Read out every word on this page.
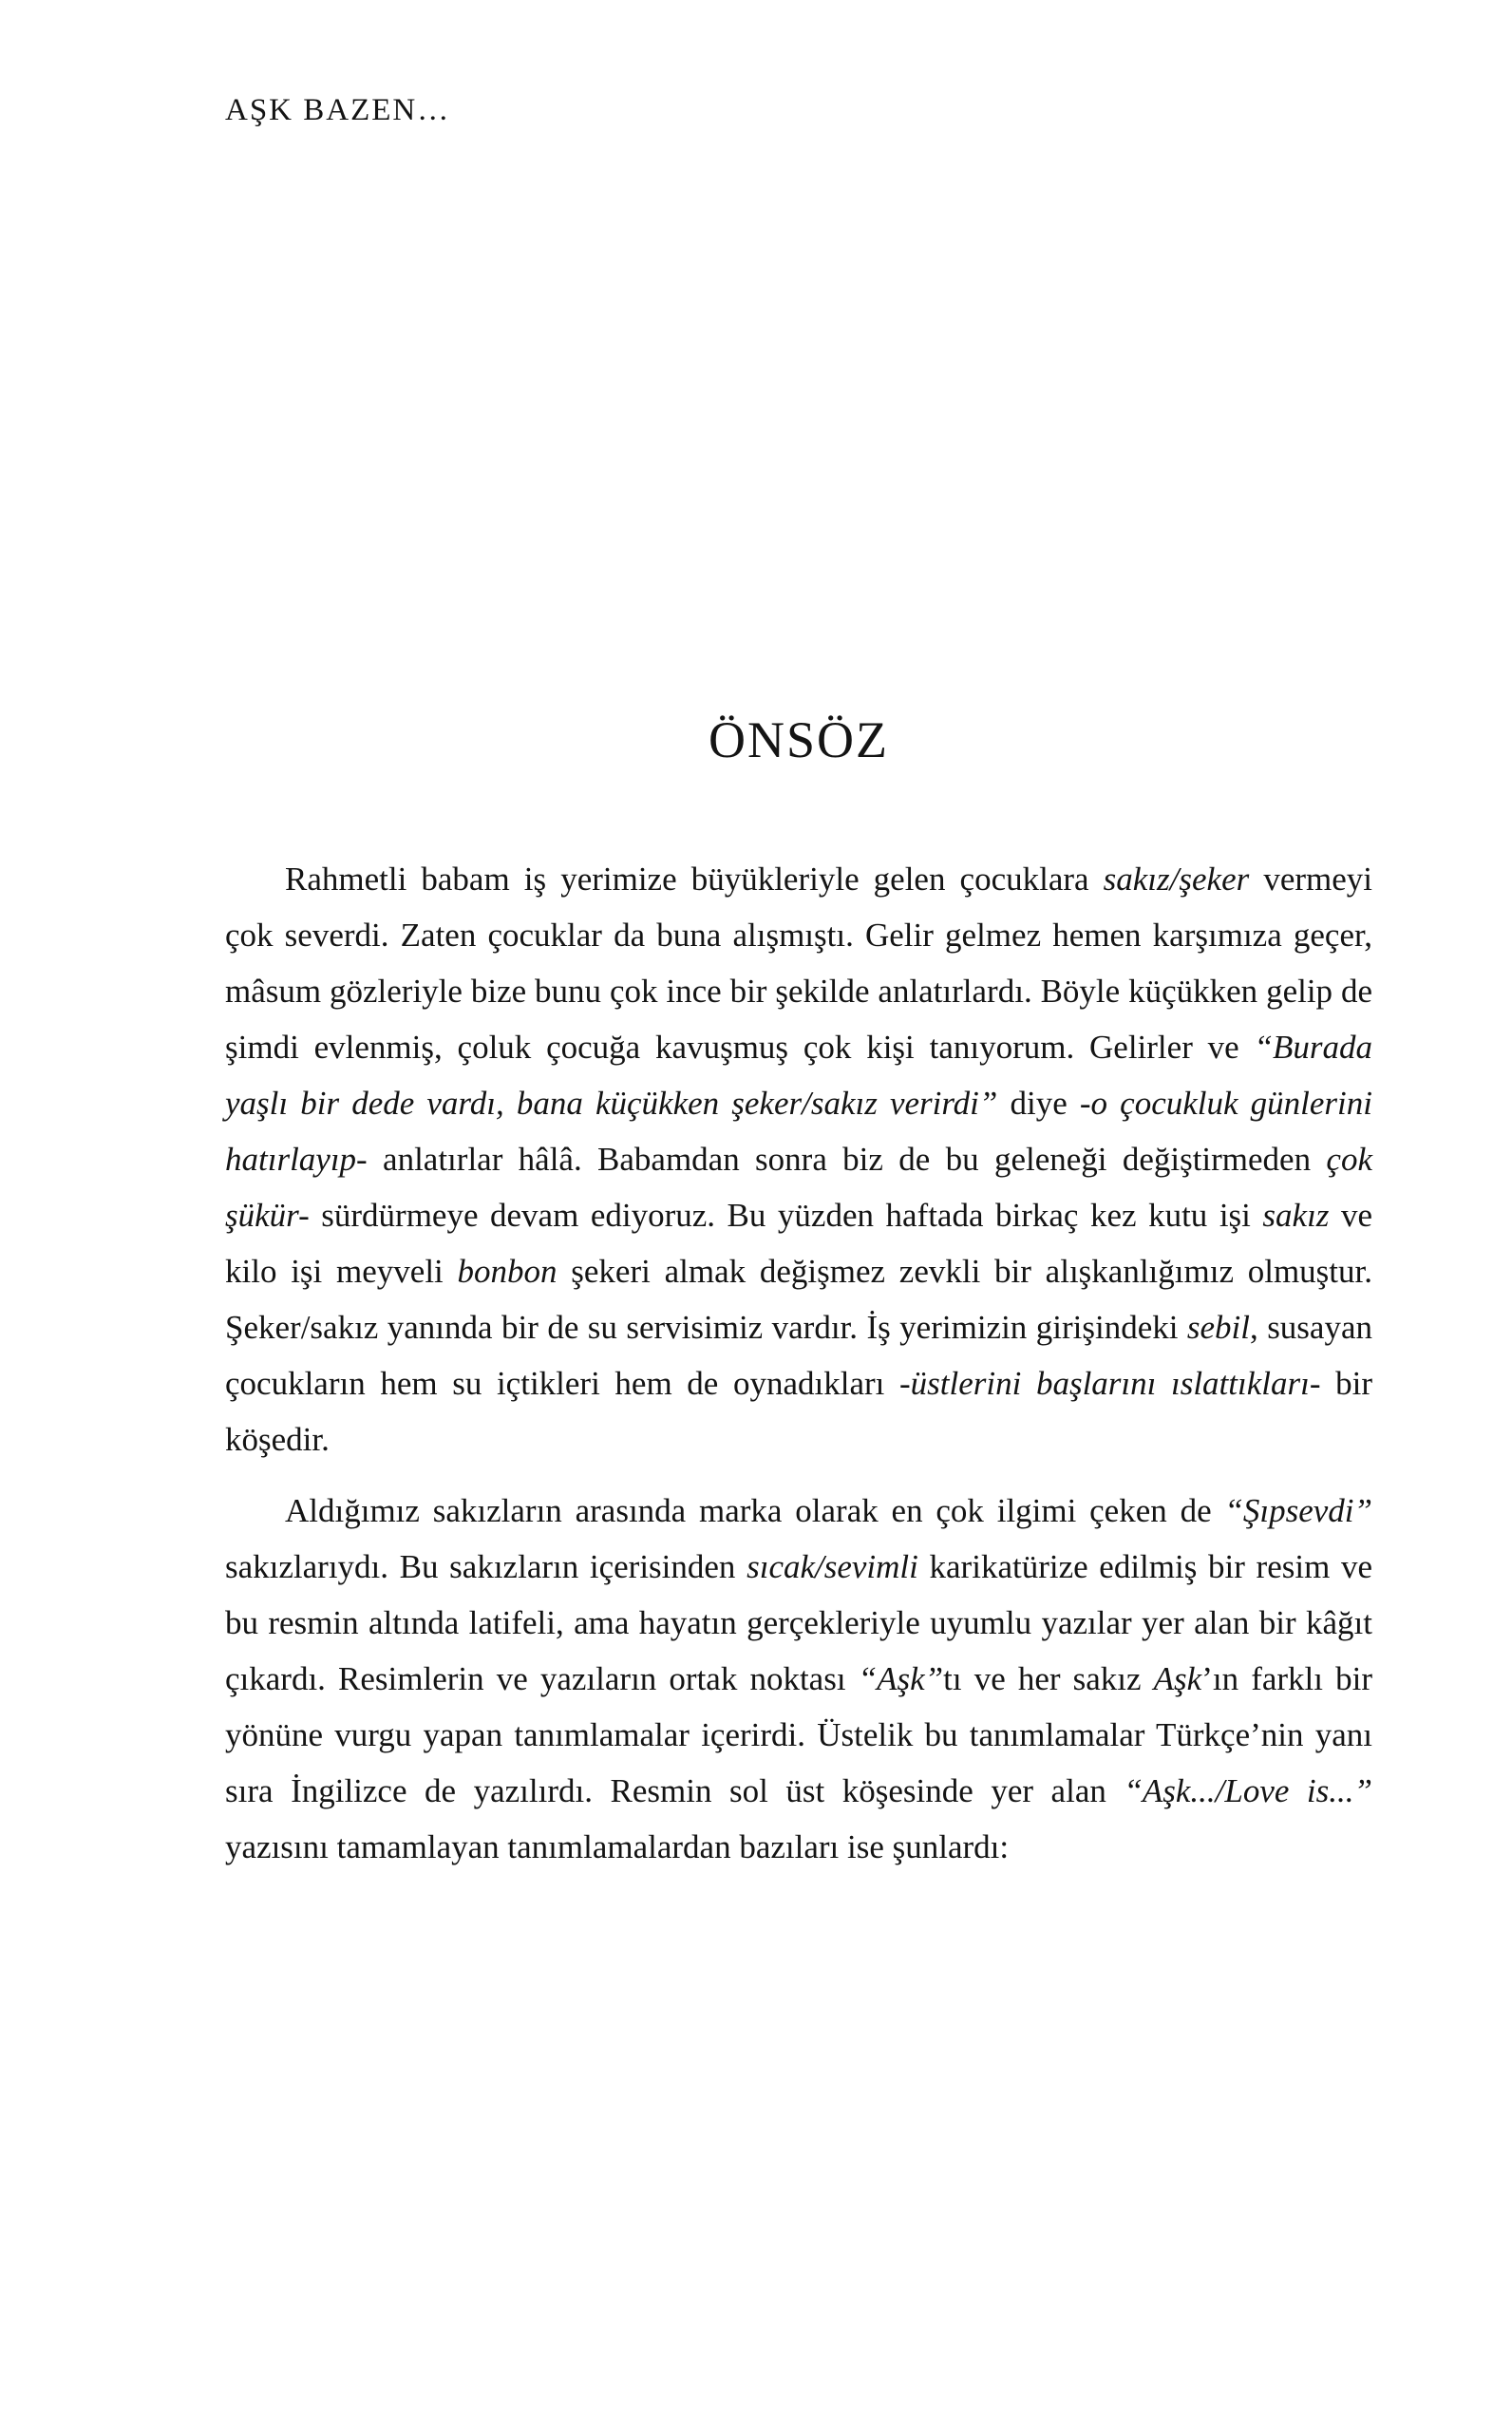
AŞK BAZEN…
ÖNSÖZ

Rahmetli babam iş yerimize büyükleriyle gelen çocuklara sakız/şeker vermeyi çok severdi. Zaten çocuklar da buna alışmıştı. Gelir gelmez hemen karşımıza geçer, mâsum gözleriyle bize bunu çok ince bir şekilde anlatırlardı. Böyle küçükken gelip de şimdi evlenmiş, çoluk çocuğa kavuşmuş çok kişi tanıyorum. Gelirler ve “Burada yaşlı bir dede vardı, bana küçükken şeker/sakız verirdi” diye -o çocukluk günlerini hatırlayıp- anlatırlar hâlâ. Babamdan sonra biz de bu geleneği değiştirmeden çok şükür- sürdürmeye devam ediyoruz. Bu yüzden haftada birkaç kez kutu işi sakız ve kilo işi meyveli bonbon şekeri almak değişmez zevkli bir alışkanlığımız olmuştur. Şeker/sakız yanında bir de su servisimiz vardır. İş yerimizin girişindeki sebil, susayan çocukların hem su içtikleri hem de oynadıkları -üstlerini başlarını ıslattıkları- bir köşedir.

Aldığımız sakızların arasında marka olarak en çok ilgimi çeken de “Şıpsevdi” sakızlarıydı. Bu sakızların içerisinden sıcak/sevimli karikatürize edilmiş bir resim ve bu resmin altında latifeli, ama hayatın gerçekleriyle uyumlu yazılar yer alan bir kâğıt çıkardı. Resimlerin ve yazıların ortak noktası “Aşk”tı ve her sakız Aşk’ın farklı bir yönüne vurgu yapan tanımlamalar içerirdi. Üstelik bu tanımlamalar Türkçe’nin yanı sıra İngilizce de yazılırdı. Resmin sol üst köşesinde yer alan “Aşk.../Love is...” yazısını tamamlayan tanımlamalardan bazıları ise şunlardı:
